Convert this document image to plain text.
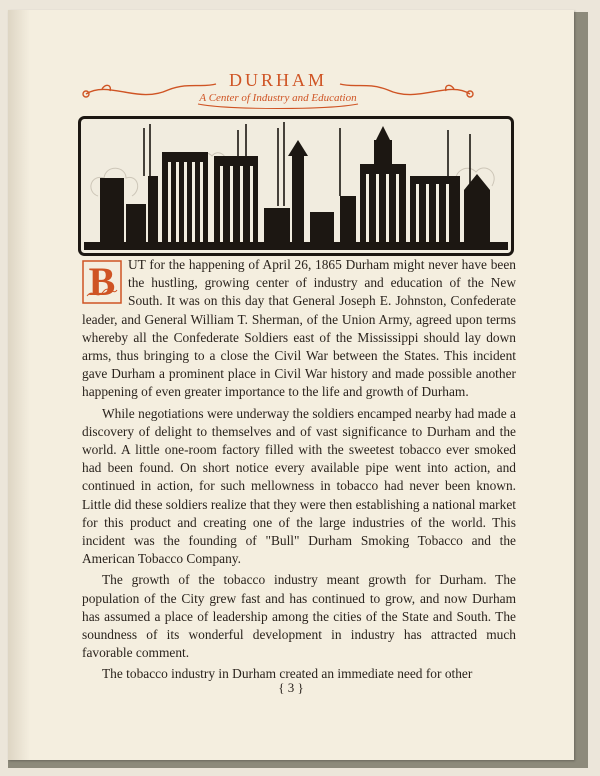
DURHAM
A Center of Industry and Education

B UT for the happening of April 26, 1865 Durham might never have been the hustling, growing center of industry and education of the New South. It was on this day that General Joseph E. Johnston, Confederate leader, and General William T. Sherman, of the Union Army, agreed upon terms whereby all the Confederate Soldiers east of the Mississippi should lay down arms, thus bringing to a close the Civil War between the States. This incident gave Durham a prominent place in Civil War history and made possible another happening of even greater importance to the life and growth of Durham.

While negotiations were underway the soldiers encamped nearby had made a discovery of delight to themselves and of vast significance to Durham and the world. A little one-room factory filled with the sweetest tobacco ever smoked had been found. On short notice every available pipe went into action, and continued in action, for such mellowness in tobacco had never been known. Little did these soldiers realize that they were then establishing a national market for this product and creating one of the large industries of the world. This incident was the founding of "Bull" Durham Smoking Tobacco and the American Tobacco Company.

The growth of the tobacco industry meant growth for Durham. The population of the City grew fast and has continued to grow, and now Durham has assumed a place of leadership among the cities of the State and South. The soundness of its wonderful development in industry has attracted much favorable comment.

The tobacco industry in Durham created an immediate need for other

{ 3 }
